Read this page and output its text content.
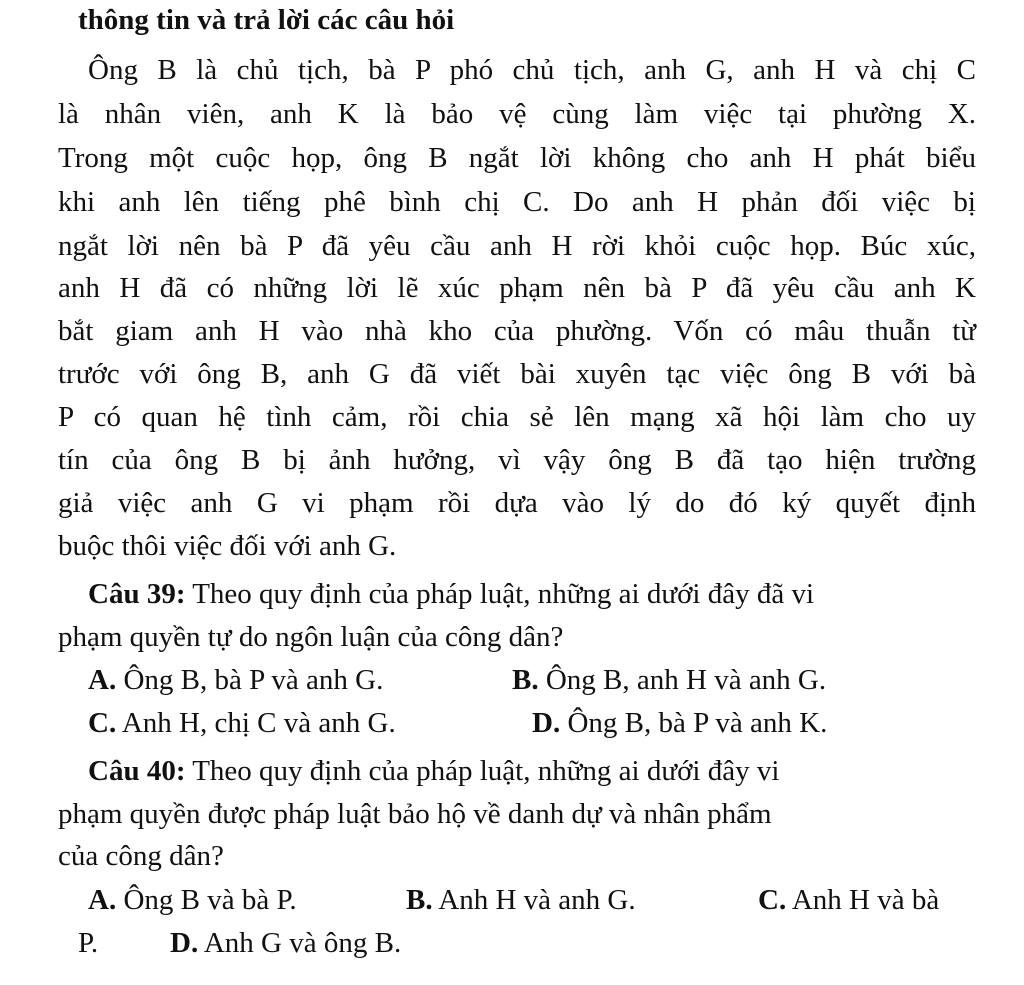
thông tin và trả lời các câu hỏi
Ông B là chủ tịch, bà P phó chủ tịch, anh G, anh H và chị C
là nhân viên, anh K là bảo vệ cùng làm việc tại phường X.
Trong một cuộc họp, ông B ngắt lời không cho anh H phát biểu
khi anh lên tiếng phê bình chị C. Do anh H phản đối việc bị
ngắt lời nên bà P đã yêu cầu anh H rời khỏi cuộc họp. Búc xúc,
anh H đã có những lời lẽ xúc phạm nên bà P đã yêu cầu anh K
bắt giam anh H vào nhà kho của phường. Vốn có mâu thuẫn từ
trước với ông B, anh G đã viết bài xuyên tạc việc ông B với bà
P có quan hệ tình cảm, rồi chia sẻ lên mạng xã hội làm cho uy
tín của ông B bị ảnh hưởng, vì vậy ông B đã tạo hiện trường
giả việc anh G vi phạm rồi dựa vào lý do đó ký quyết định
buộc thôi việc đối với anh G.
Câu 39: Theo quy định của pháp luật, những ai dưới đây đã vi
phạm quyền tự do ngôn luận của công dân?
A. Ông B, bà P và anh G.	B. Ông B, anh H và anh G.
C. Anh H, chị C và anh G.	D. Ông B, bà P và anh K.
Câu 40: Theo quy định của pháp luật, những ai dưới đây vi
phạm quyền được pháp luật bảo hộ về danh dự và nhân phẩm
của công dân?
A. Ông B và bà P.	B. Anh H và anh G.	C. Anh H và bà
P. D. Anh G và ông B.
